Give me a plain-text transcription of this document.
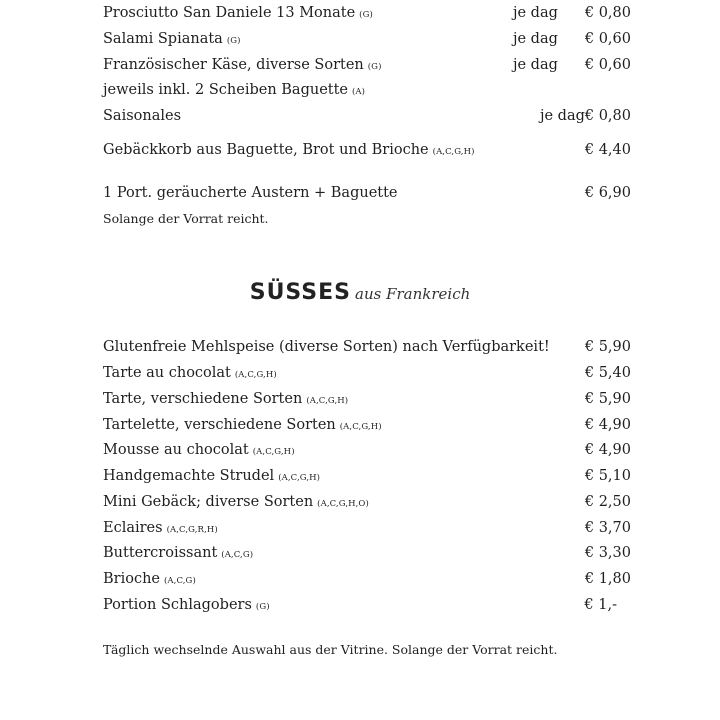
Prosciutto San Daniele 13 Monate (G)	je dag € 0,80
Salami Spianata (G)	je dag € 0,60
Französischer Käse, diverse Sorten (G)	je dag € 0,60
jeweils inkl. 2 Scheiben Baguette (A)
Saisonales	je dag € 0,80
Gebäckkorb aus Baguette, Brot und Brioche (A,C,G,H)	€ 4,40
1 Port. geräucherte Austern + Baguette	€ 6,90
Solange der Vorrat reicht.
SÜSSES aus Frankreich
Glutenfreie Mehlspeise (diverse Sorten) nach Verfügbarkeit! € 5,90
Tarte au chocolat (A,C,G,H)	€ 5,40
Tarte, verschiedene Sorten (A,C,G,H)	€ 5,90
Tartelette, verschiedene Sorten (A,C,G,H)	€ 4,90
Mousse au chocolat (A,C,G,H)	€ 4,90
Handgemachte Strudel (A,C,G,H)	€ 5,10
Mini Gebäck; diverse Sorten (A,C,G,H,O)	€ 2,50
Eclaires (A,C,G,R,H)	€ 3,70
Buttercroissant (A,C,G)	€ 3,30
Brioche (A,C,G)	€ 1,80
Portion Schlagobers (G)	€ 1,-
Täglich wechselnde Auswahl aus der Vitrine. Solange der Vorrat reicht.
